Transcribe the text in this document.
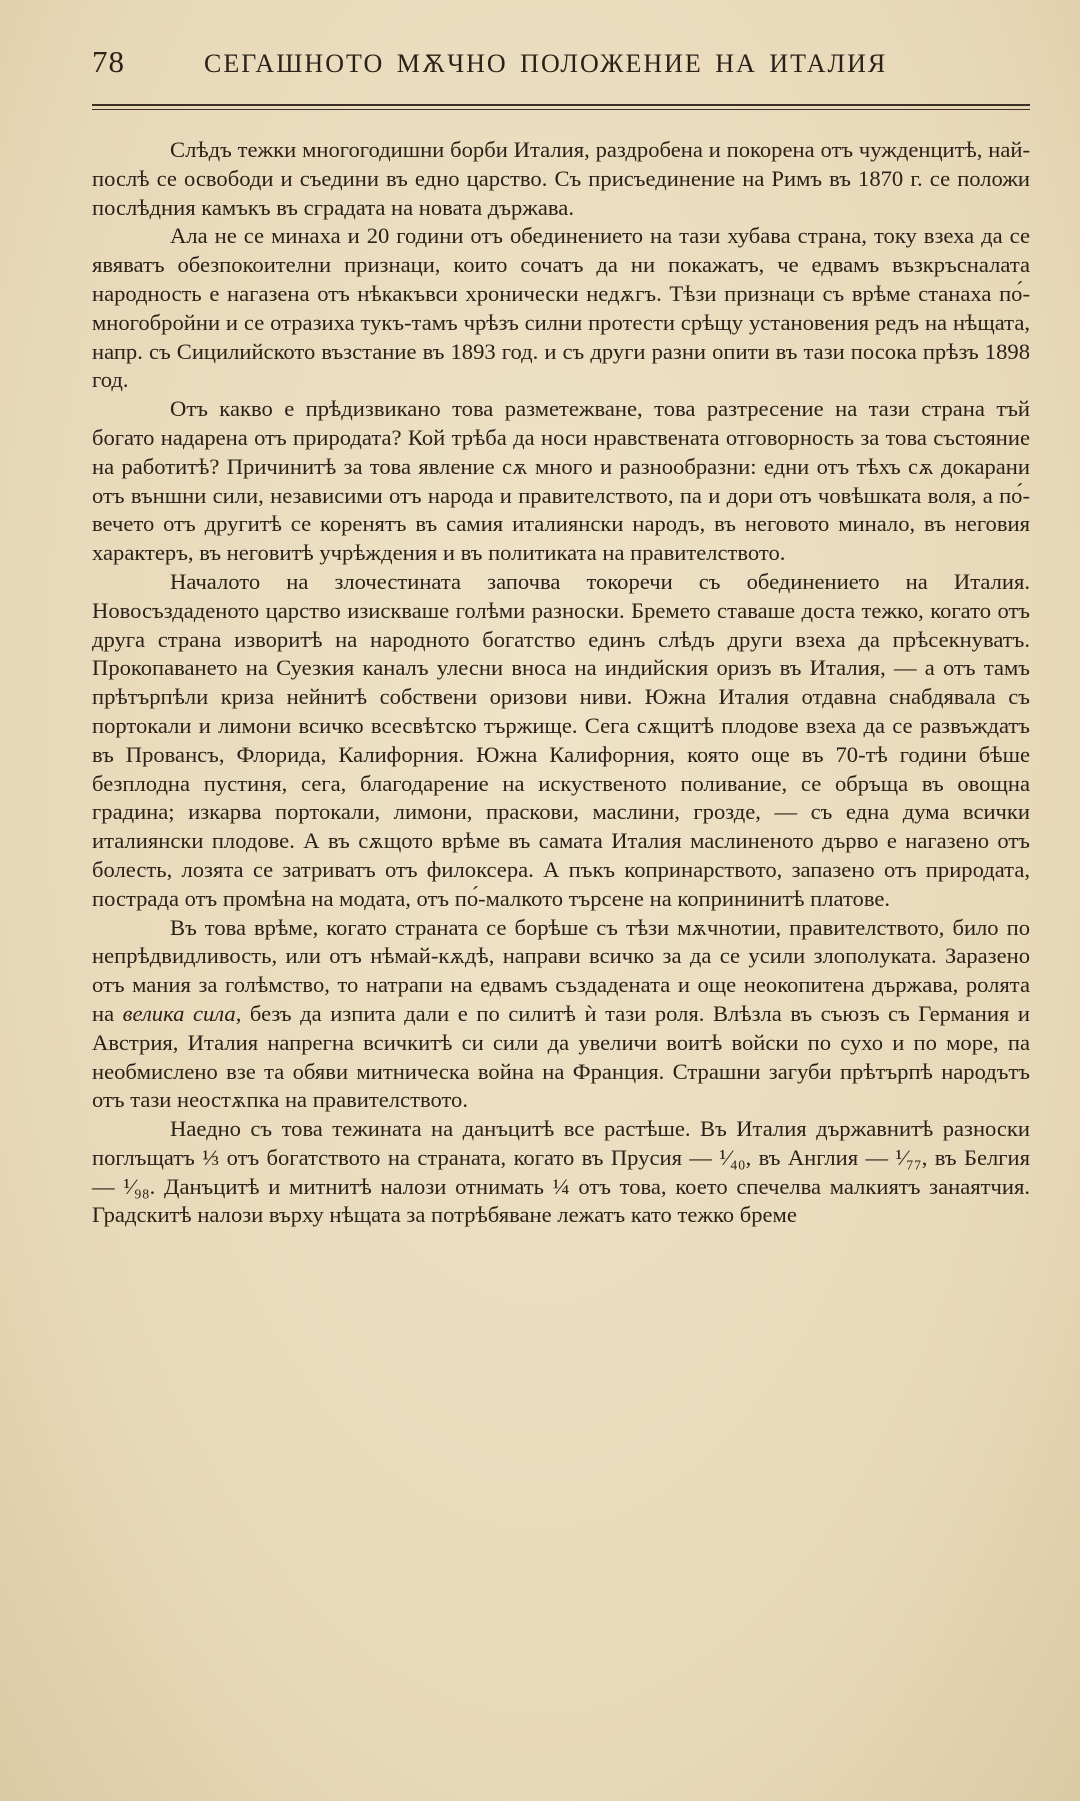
78	СЕГАШНОТО МѪЧНО ПОЛОЖЕНИЕ НА ИТАЛИЯ

Слѣдъ тежки многогодишни борби Италия, раздробена и покорена отъ чужденцитѣ, най-послѣ се освободи и съедини въ едно царство. Съ присъединение на Римъ въ 1870 г. се положи послѣдния камъкъ въ сградата на новата държава.

Ала не се минаха и 20 години отъ обединението на тази хубава страна, току взеха да се явяватъ обезпокоителни признаци, които сочатъ да ни покажатъ, че едвамъ възкръсналата народность е нагазена отъ нѣкакъвси хронически недѫгъ. Тѣзи признаци съ врѣме станаха по́-многобройни и се отразиха тукъ-тамъ чрѣзъ силни протести срѣщу установения редъ на нѣщата, напр. съ Сицилийското възстание въ 1893 год. и съ други разни опити въ тази посока прѣзъ 1898 год.

Отъ какво е прѣдизвикано това разметежване, това разтресение на тази страна тъй богато надарена отъ природата? Кой трѣба да носи нравствената отговорность за това състояние на работитѣ? Причинитѣ за това явление сѫ много и разнообразни: едни отъ тѣхъ сѫ докарани отъ външни сили, независими отъ народа и правителството, па и дори отъ човѣшката воля, а по́-вечето отъ другитѣ се коренятъ въ самия италиянски народъ, въ неговото минало, въ неговия характеръ, въ неговитѣ учрѣждения и въ политиката на правителството.

Началото на злочестината започва токоречи съ обединението на Италия. Новосъздаденото царство изискваше голѣми разноски. Бремето ставаше доста тежко, когато отъ друга страна изворитѣ на народното богатство единъ слѣдъ други взеха да прѣсекнуватъ. Прокопаването на Суезкия каналъ улесни вноса на индийския оризъ въ Италия, — а отъ тамъ прѣтърпѣли криза нейнитѣ собствени оризови ниви. Южна Италия отдавна снабдявала съ портокали и лимони всичко всесвѣтско тържище. Сега сѫщитѣ плодове взеха да се развъждатъ въ Провансъ, Флорида, Калифорния. Южна Калифорния, която още въ 70-тѣ години бѣше безплодна пустиня, сега, благодарение на искуственото поливание, се обръща въ овощна градина; изкарва портокали, лимони, праскови, маслини, грозде, — съ една дума всички италиянски плодове. А въ сѫщото врѣме въ самата Италия маслиненото дърво е нагазено отъ болесть, лозята се затриватъ отъ филоксера. А пъкъ копринарството, запазено отъ природата, пострада отъ промѣна на модата, отъ по́-малкото търсене на копрининитѣ платове.

Въ това врѣме, когато страната се борѣше съ тѣзи мѫчнотии, правителството, било по непрѣдвидливость, или отъ нѣмай-кѫдѣ, направи всичко за да се усили злополуката. Заразено отъ мания за голѣмство, то натрапи на едвамъ създадената и още неокопитена държава, ролята на велика сила, безъ да изпита дали е по силитѣ ѝ тази роля. Влѣзла въ съюзъ съ Германия и Австрия, Италия напрегна всичкитѣ си сили да увеличи воитѣ войски по сухо и по море, па необмислено взе та обяви митническа война на Франция. Страшни загуби прѣтърпѣ народътъ отъ тази неостѫпка на правителството.

Наедно съ това тежината на данъцитѣ все растѣше. Въ Италия държавнитѣ разноски поглъщатъ ⅓ отъ богатството на страната, когато въ Прусия — ¹⁄₄₀, въ Англия — ¹⁄₇₇, въ Белгия — ¹⁄₉₈. Данъцитѣ и митнитѣ налози отнимать ¼ отъ това, което спечелва малкиятъ занаятчия. Градскитѣ налози върху нѣщата за потрѣбяване лежатъ като тежко бреме
